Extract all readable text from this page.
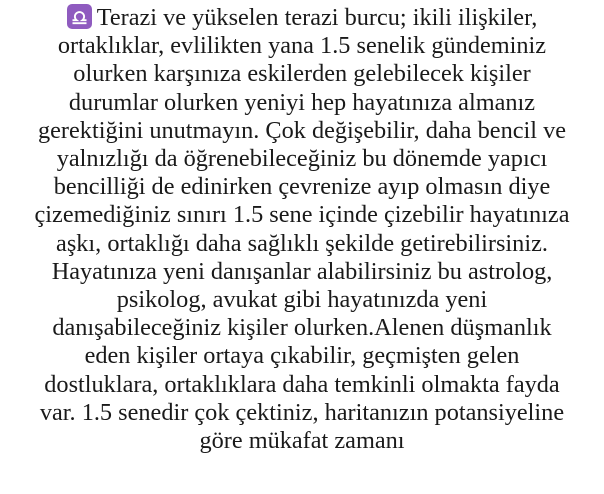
Terazi ve yükselen terazi burcu; ikili ilişkiler,
ortaklıklar, evlilikten yana 1.5 senelik gündeminiz
olurken karşınıza eskilerden gelebilecek kişiler
durumlar olurken yeniyi hep hayatınıza almanız
gerektiğini unutmayın. Çok değişebilir, daha bencil ve
yalnızlığı da öğrenebileceğiniz bu dönemde yapıcı
bencilliği de edinirken çevrenize ayıp olmasın diye
çizemediğiniz sınırı 1.5 sene içinde çizebilir hayatınıza
aşkı, ortaklığı daha sağlıklı şekilde getirebilirsiniz.
Hayatınıza yeni danışanlar alabilirsiniz bu astrolog,
psikolog, avukat gibi hayatınızda yeni
danışabileceğiniz kişiler olurken.Alenen düşmanlık
eden kişiler ortaya çıkabilir, geçmişten gelen
dostluklara, ortaklıklara daha temkinli olmakta fayda
var. 1.5 senedir çok çektiniz, haritanızın potansiyeline
göre mükafat zamanı
